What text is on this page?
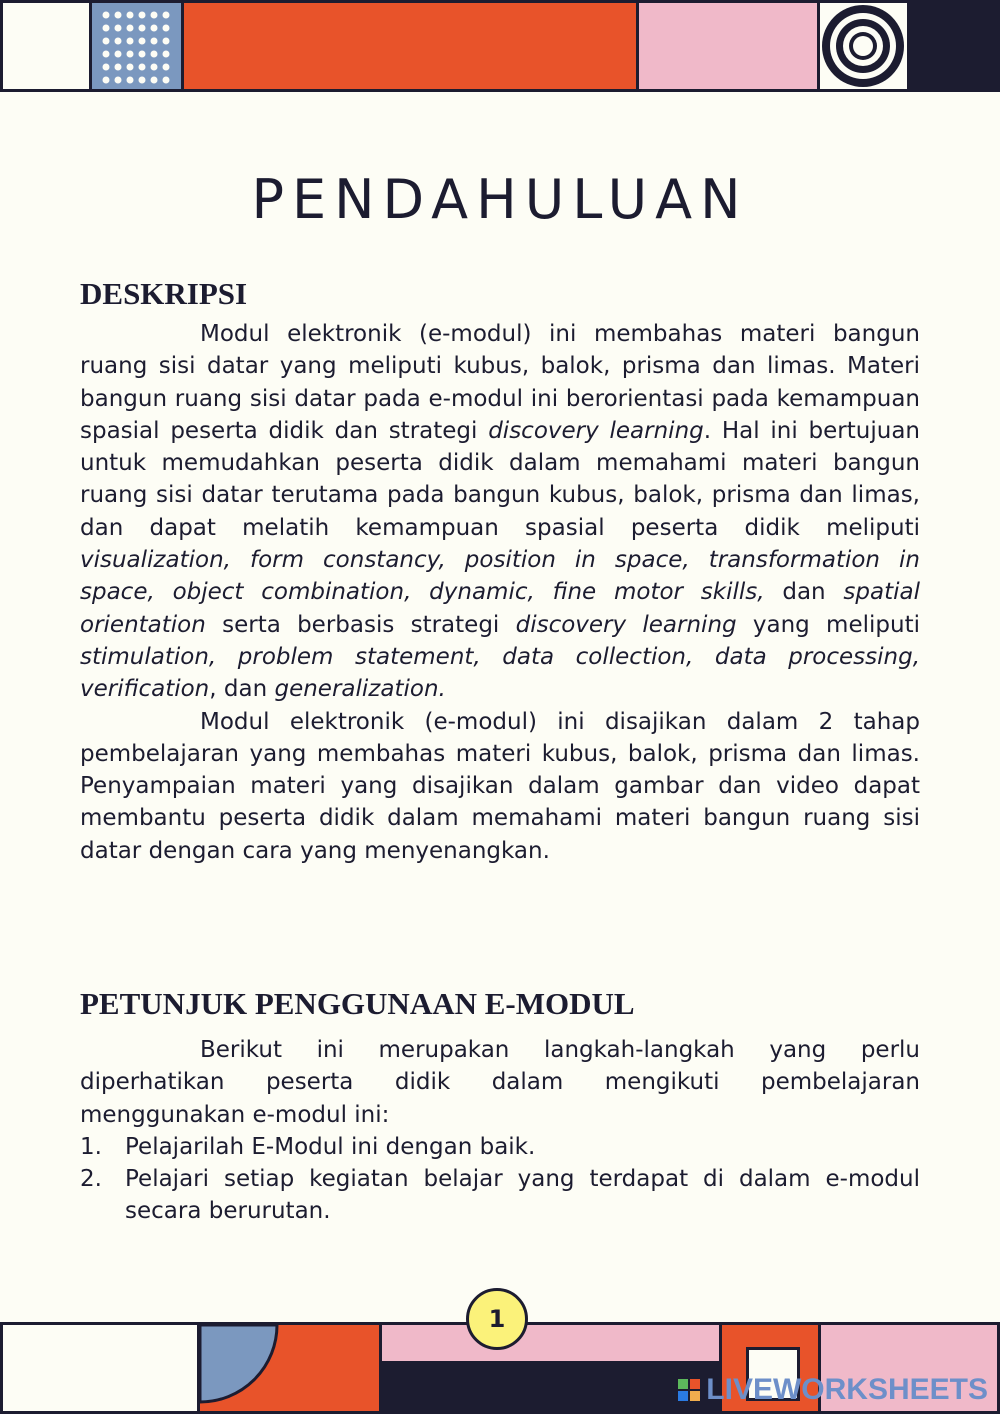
PENDAHULUAN
DESKRIPSI

Modul elektronik (e-modul) ini membahas materi bangun ruang sisi datar yang meliputi kubus, balok, prisma dan limas. Materi bangun ruang sisi datar pada e-modul ini berorientasi pada kemampuan spasial peserta didik dan strategi discovery learning. Hal ini bertujuan untuk memudahkan peserta didik dalam memahami materi bangun ruang sisi datar terutama pada bangun kubus, balok, prisma dan limas, dan dapat melatih kemampuan spasial peserta didik meliputi visualization, form constancy, position in space, transformation in space, object combination, dynamic, fine motor skills, dan spatial orientation serta berbasis strategi discovery learning yang meliputi stimulation, problem statement, data collection, data processing, verification, dan generalization.

Modul elektronik (e-modul) ini disajikan dalam 2 tahap pembelajaran yang membahas materi kubus, balok, prisma dan limas. Penyampaian materi yang disajikan dalam gambar dan video dapat membantu peserta didik dalam memahami materi bangun ruang sisi datar dengan cara yang menyenangkan.

PETUNJUK PENGGUNAAN E-MODUL

Berikut ini merupakan langkah-langkah yang perlu diperhatikan peserta didik dalam mengikuti pembelajaran menggunakan e-modul ini:

1. Pelajarilah E-Modul ini dengan baik.
2. Pelajari setiap kegiatan belajar yang terdapat di dalam e-modul secara berurutan.
1
LIVEWORKSHEETS
